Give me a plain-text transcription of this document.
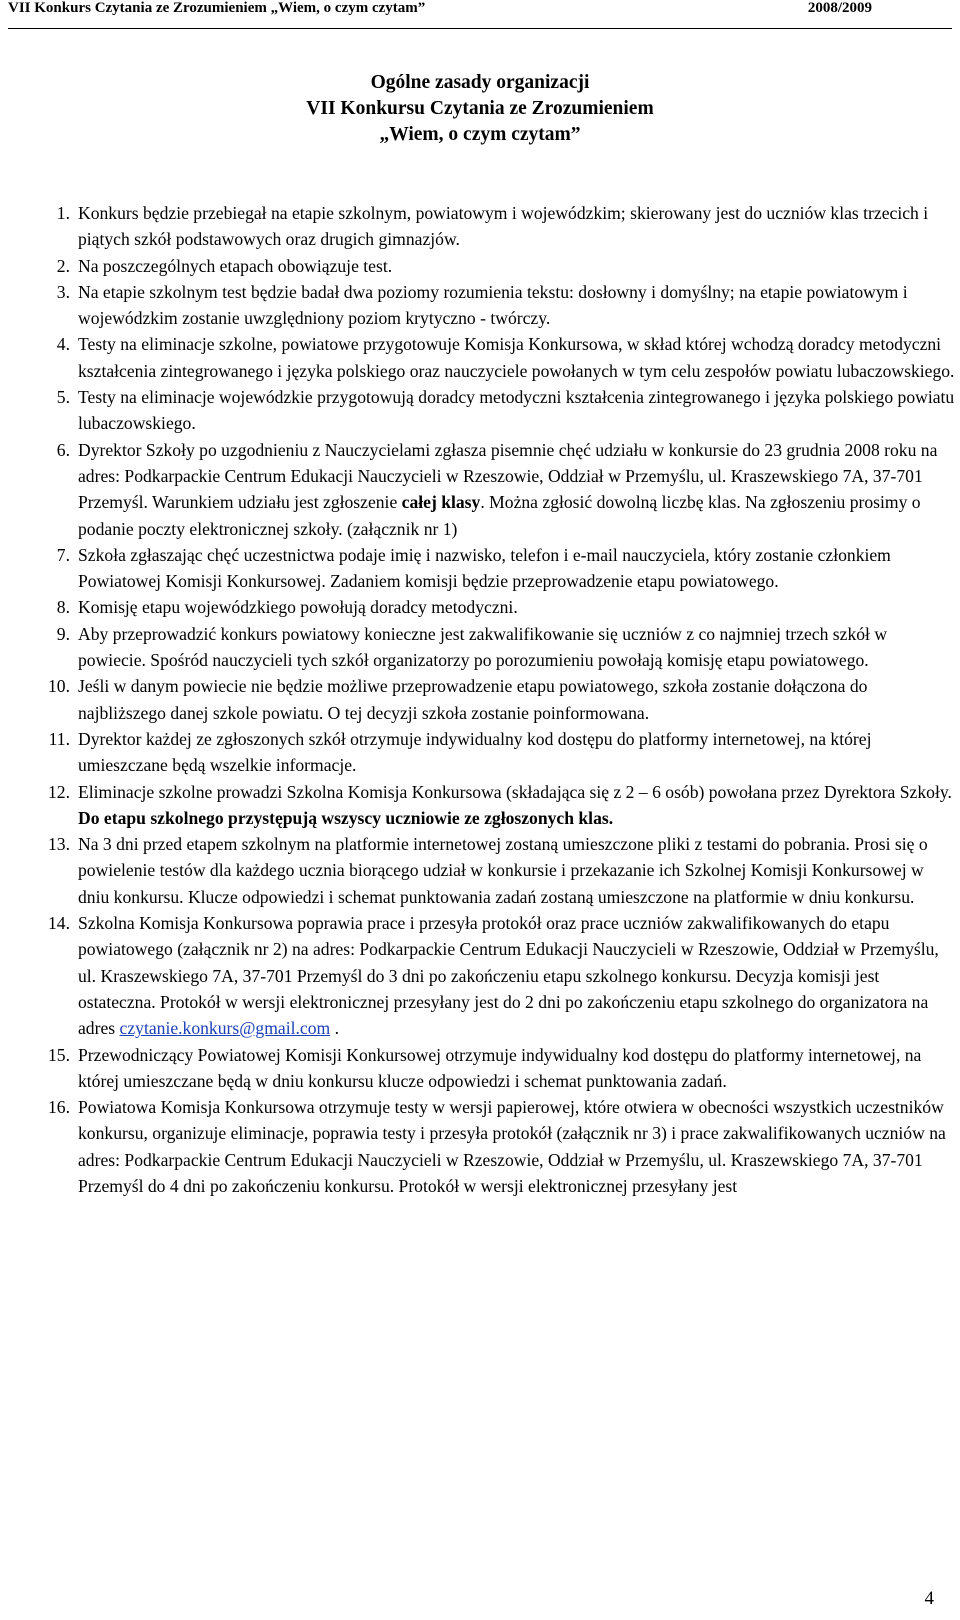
VII Konkurs Czytania ze Zrozumieniem „Wiem, o czym czytam”	2008/2009
Ogólne zasady organizacji
VII Konkursu Czytania ze Zrozumieniem
„Wiem, o czym czytam”
1. Konkurs będzie przebiegał na etapie szkolnym, powiatowym i wojewódzkim; skierowany jest do uczniów klas trzecich i piątych szkół podstawowych oraz drugich gimnazjów.
2. Na poszczególnych etapach obowiązuje test.
3. Na etapie szkolnym test będzie badał dwa poziomy rozumienia tekstu: dosłowny i domyślny; na etapie powiatowym i wojewódzkim zostanie uwzględniony poziom krytyczno - twórczy.
4. Testy na eliminacje szkolne, powiatowe przygotowuje Komisja Konkursowa, w skład której wchodzą doradcy metodyczni kształcenia zintegrowanego i języka polskiego oraz nauczyciele powołanych w tym celu zespołów powiatu lubaczowskiego.
5. Testy na eliminacje wojewódzkie przygotowują doradcy metodyczni kształcenia zintegrowanego i języka polskiego powiatu lubaczowskiego.
6. Dyrektor Szkoły po uzgodnieniu z Nauczycielami zgłasza pisemnie chęć udziału w konkursie do 23 grudnia 2008 roku na adres: Podkarpackie Centrum Edukacji Nauczycieli w Rzeszowie, Oddział w Przemyślu, ul. Kraszewskiego 7A, 37-701 Przemyśl. Warunkiem udziału jest zgłoszenie całej klasy. Można zgłosić dowolną liczbę klas. Na zgłoszeniu prosimy o podanie poczty elektronicznej szkoły. (załącznik nr 1)
7. Szkoła zgłaszając chęć uczestnictwa podaje imię i nazwisko, telefon i e-mail nauczyciela, który zostanie członkiem Powiatowej Komisji Konkursowej. Zadaniem komisji będzie przeprowadzenie etapu powiatowego.
8. Komisję etapu wojewódzkiego powołują doradcy metodyczni.
9. Aby przeprowadzić konkurs powiatowy konieczne jest zakwalifikowanie się uczniów z co najmniej trzech szkół w powiecie. Spośród nauczycieli tych szkół organizatorzy po porozumieniu powołają komisję etapu powiatowego.
10. Jeśli w danym powiecie nie będzie możliwe przeprowadzenie etapu powiatowego, szkoła zostanie dołączona do najbliższego danej szkole powiatu. O tej decyzji szkoła zostanie poinformowana.
11. Dyrektor każdej ze zgłoszonych szkół otrzymuje indywidualny kod dostępu do platformy internetowej, na której umieszczane będą wszelkie informacje.
12. Eliminacje szkolne prowadzi Szkolna Komisja Konkursowa (składająca się z 2 – 6 osób) powołana przez Dyrektora Szkoły. Do etapu szkolnego przystępują wszyscy uczniowie ze zgłoszonych klas.
13. Na 3 dni przed etapem szkolnym na platformie internetowej zostaną umieszczone pliki z testami do pobrania. Prosi się o powielenie testów dla każdego ucznia biorącego udział w konkursie i przekazanie ich Szkolnej Komisji Konkursowej w dniu konkursu. Klucze odpowiedzi i schemat punktowania zadań zostaną umieszczone na platformie w dniu konkursu.
14. Szkolna Komisja Konkursowa poprawia prace i przesyła protokół oraz prace uczniów zakwalifikowanych do etapu powiatowego (załącznik nr 2) na adres: Podkarpackie Centrum Edukacji Nauczycieli w Rzeszowie, Oddział w Przemyślu, ul. Kraszewskiego 7A, 37-701 Przemyśl do 3 dni po zakończeniu etapu szkolnego konkursu. Decyzja komisji jest ostateczna. Protokół w wersji elektronicznej przesyłany jest do 2 dni po zakończeniu etapu szkolnego do organizatora na adres czytanie.konkurs@gmail.com .
15. Przewodniczący Powiatowej Komisji Konkursowej otrzymuje indywidualny kod dostępu do platformy internetowej, na której umieszczane będą w dniu konkursu klucze odpowiedzi i schemat punktowania zadań.
16. Powiatowa Komisja Konkursowa otrzymuje testy w wersji papierowej, które otwiera w obecności wszystkich uczestników konkursu, organizuje eliminacje, poprawia testy i przesyła protokół (załącznik nr 3) i prace zakwalifikowanych uczniów na adres: Podkarpackie Centrum Edukacji Nauczycieli w Rzeszowie, Oddział w Przemyślu, ul. Kraszewskiego 7A, 37-701 Przemyśl do 4 dni po zakończeniu konkursu. Protokół w wersji elektronicznej przesyłany jest
4
